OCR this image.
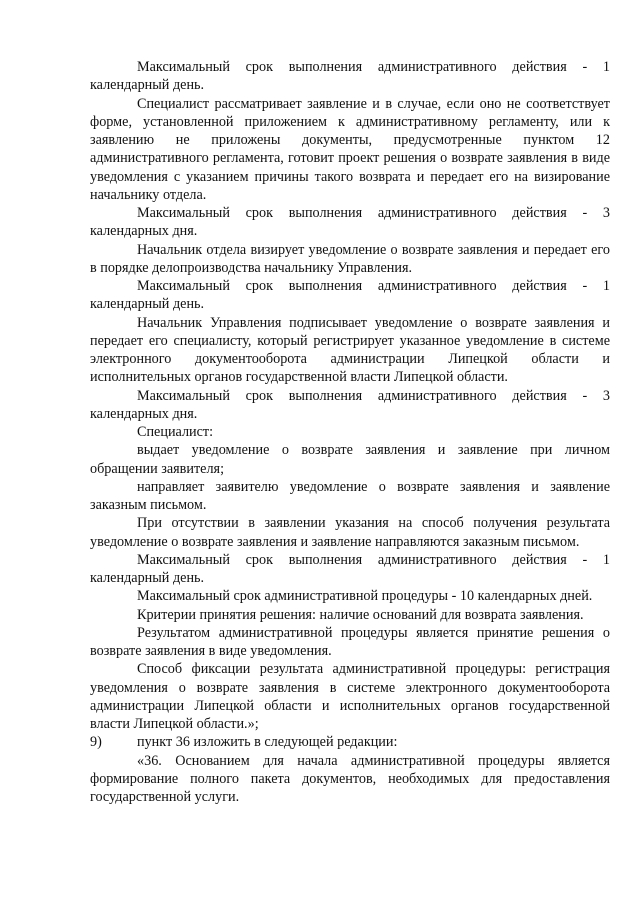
Максимальный срок выполнения административного действия - 1 календарный день.

Специалист рассматривает заявление и в случае, если оно не соответствует форме, установленной приложением к административному регламенту, или к заявлению не приложены документы, предусмотренные пунктом 12 административного регламента, готовит проект решения о возврате заявления в виде уведомления с указанием причины такого возврата и передает его на визирование начальнику отдела.

Максимальный срок выполнения административного действия - 3 календарных дня.

Начальник отдела визирует уведомление о возврате заявления и передает его в порядке делопроизводства начальнику Управления.

Максимальный срок выполнения административного действия - 1 календарный день.

Начальник Управления подписывает уведомление о возврате заявления и передает его специалисту, который регистрирует указанное уведомление в системе электронного документооборота администрации Липецкой области и исполнительных органов государственной власти Липецкой области.

Максимальный срок выполнения административного действия - 3 календарных дня.

Специалист:

выдает уведомление о возврате заявления и заявление при личном обращении заявителя;

направляет заявителю уведомление о возврате заявления и заявление заказным письмом.

При отсутствии в заявлении указания на способ получения результата уведомление о возврате заявления и заявление направляются заказным письмом.

Максимальный срок выполнения административного действия - 1 календарный день.

Максимальный срок административной процедуры - 10 календарных дней.

Критерии принятия решения: наличие оснований для возврата заявления.

Результатом административной процедуры является принятие решения о возврате заявления в виде уведомления.

Способ фиксации результата административной процедуры: регистрация уведомления о возврате заявления в системе электронного документооборота администрации Липецкой области и исполнительных органов государственной власти Липецкой области.»;

9) пункт 36 изложить в следующей редакции:

«36. Основанием для начала административной процедуры является формирование полного пакета документов, необходимых для предоставления государственной услуги.
